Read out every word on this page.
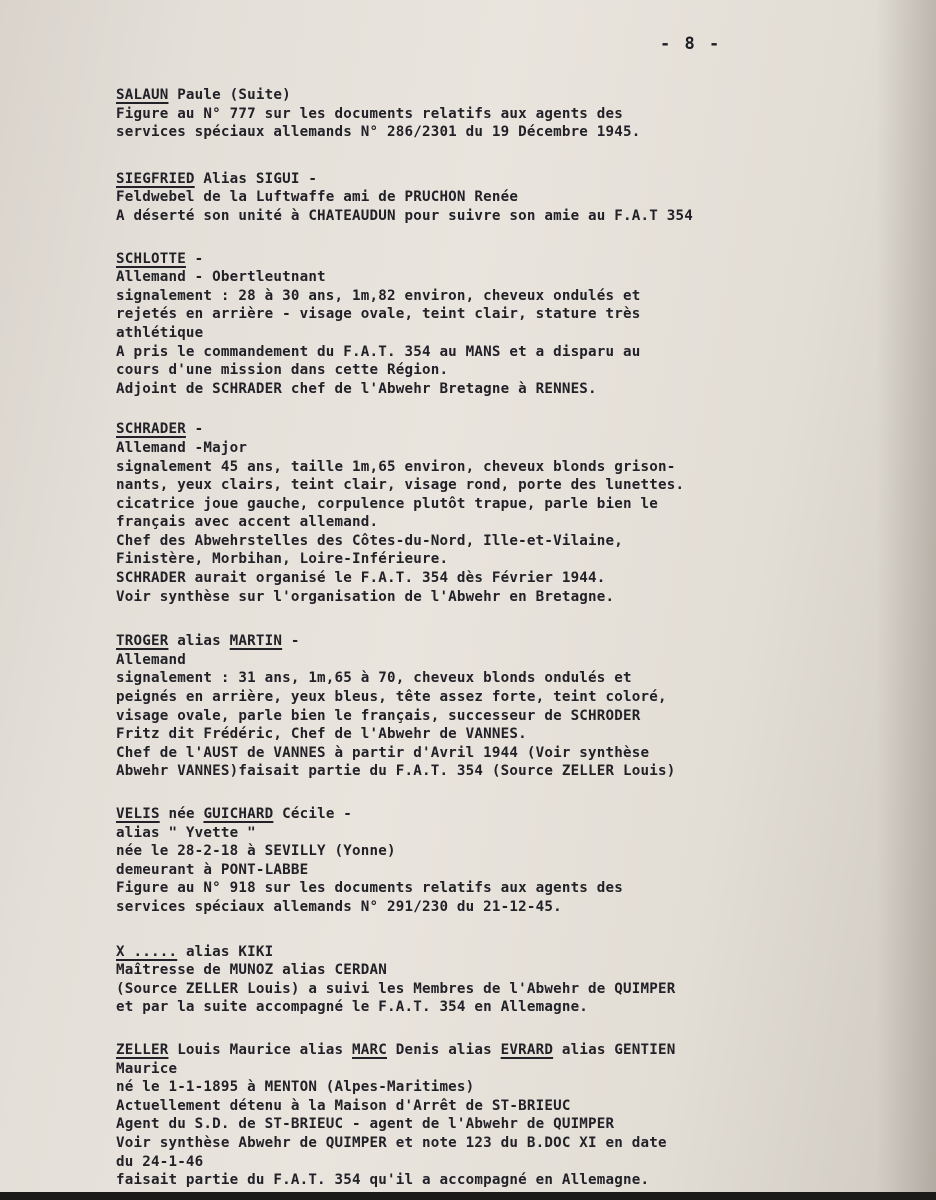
- 8 -
SALAUN Paule (Suite)
Figure au N° 777 sur les documents relatifs aux agents des
services spéciaux allemands N° 286/2301 du 19 Décembre 1945.
SIEGFRIED Alias SIGUI -
Feldwebel de la Luftwaffe ami de PRUCHON Renée
A déserté son unité à CHATEAUDUN pour suivre son amie au F.A.T 354
SCHLOTTE -
Allemand - Obertleutnant
signalement : 28 à 30 ans, 1m,82 environ, cheveux ondulés et
rejetés en arrière - visage ovale, teint clair, stature très
athlétique
A pris le commandement du F.A.T. 354 au MANS et a disparu au
cours d'une mission dans cette Région.
Adjoint de SCHRADER chef de l'Abwehr Bretagne à RENNES.
SCHRADER -
Allemand -Major
signalement 45 ans, taille 1m,65 environ, cheveux blonds grison-
nants, yeux clairs, teint clair, visage rond, porte des lunettes.
cicatrice joue gauche, corpulence plutôt trapue, parle bien le
français avec accent allemand.
Chef des Abwehrstelles des Côtes-du-Nord, Ille-et-Vilaine,
Finistère, Morbihan, Loire-Inférieure.
SCHRADER aurait organisé le F.A.T. 354 dès Février 1944.
Voir synthèse sur l'organisation de l'Abwehr en Bretagne.
TROGER alias MARTIN -
Allemand
signalement : 31 ans, 1m,65 à 70, cheveux blonds ondulés et
peignés en arrière, yeux bleus, tête assez forte, teint coloré,
visage ovale, parle bien le français, successeur de SCHRODER
Fritz dit Frédéric, Chef de l'Abwehr de VANNES.
Chef de l'AUST de VANNES à partir d'Avril 1944 (Voir synthèse
Abwehr VANNES)faisait partie du F.A.T. 354 (Source ZELLER Louis)
VELIS née GUICHARD Cécile -
alias " Yvette "
née le 28-2-18 à SEVILLY (Yonne)
demeurant à PONT-LABBE
Figure au N° 918 sur les documents relatifs aux agents des
services spéciaux allemands N° 291/230 du 21-12-45.
X ..... alias KIKI
Maîtresse de MUNOZ alias CERDAN
(Source ZELLER Louis) a suivi les Membres de l'Abwehr de QUIMPER
et par la suite accompagné le F.A.T. 354 en Allemagne.
ZELLER Louis Maurice alias MARC Denis alias EVRARD alias GENTIEN
Maurice
né le 1-1-1895 à MENTON (Alpes-Maritimes)
Actuellement détenu à la Maison d'Arrêt de ST-BRIEUC
Agent du S.D. de ST-BRIEUC - agent de l'Abwehr de QUIMPER
Voir synthèse Abwehr de QUIMPER et note 123 du B.DOC XI en date
du 24-1-46
faisait partie du F.A.T. 354 qu'il a accompagné en Allemagne.
